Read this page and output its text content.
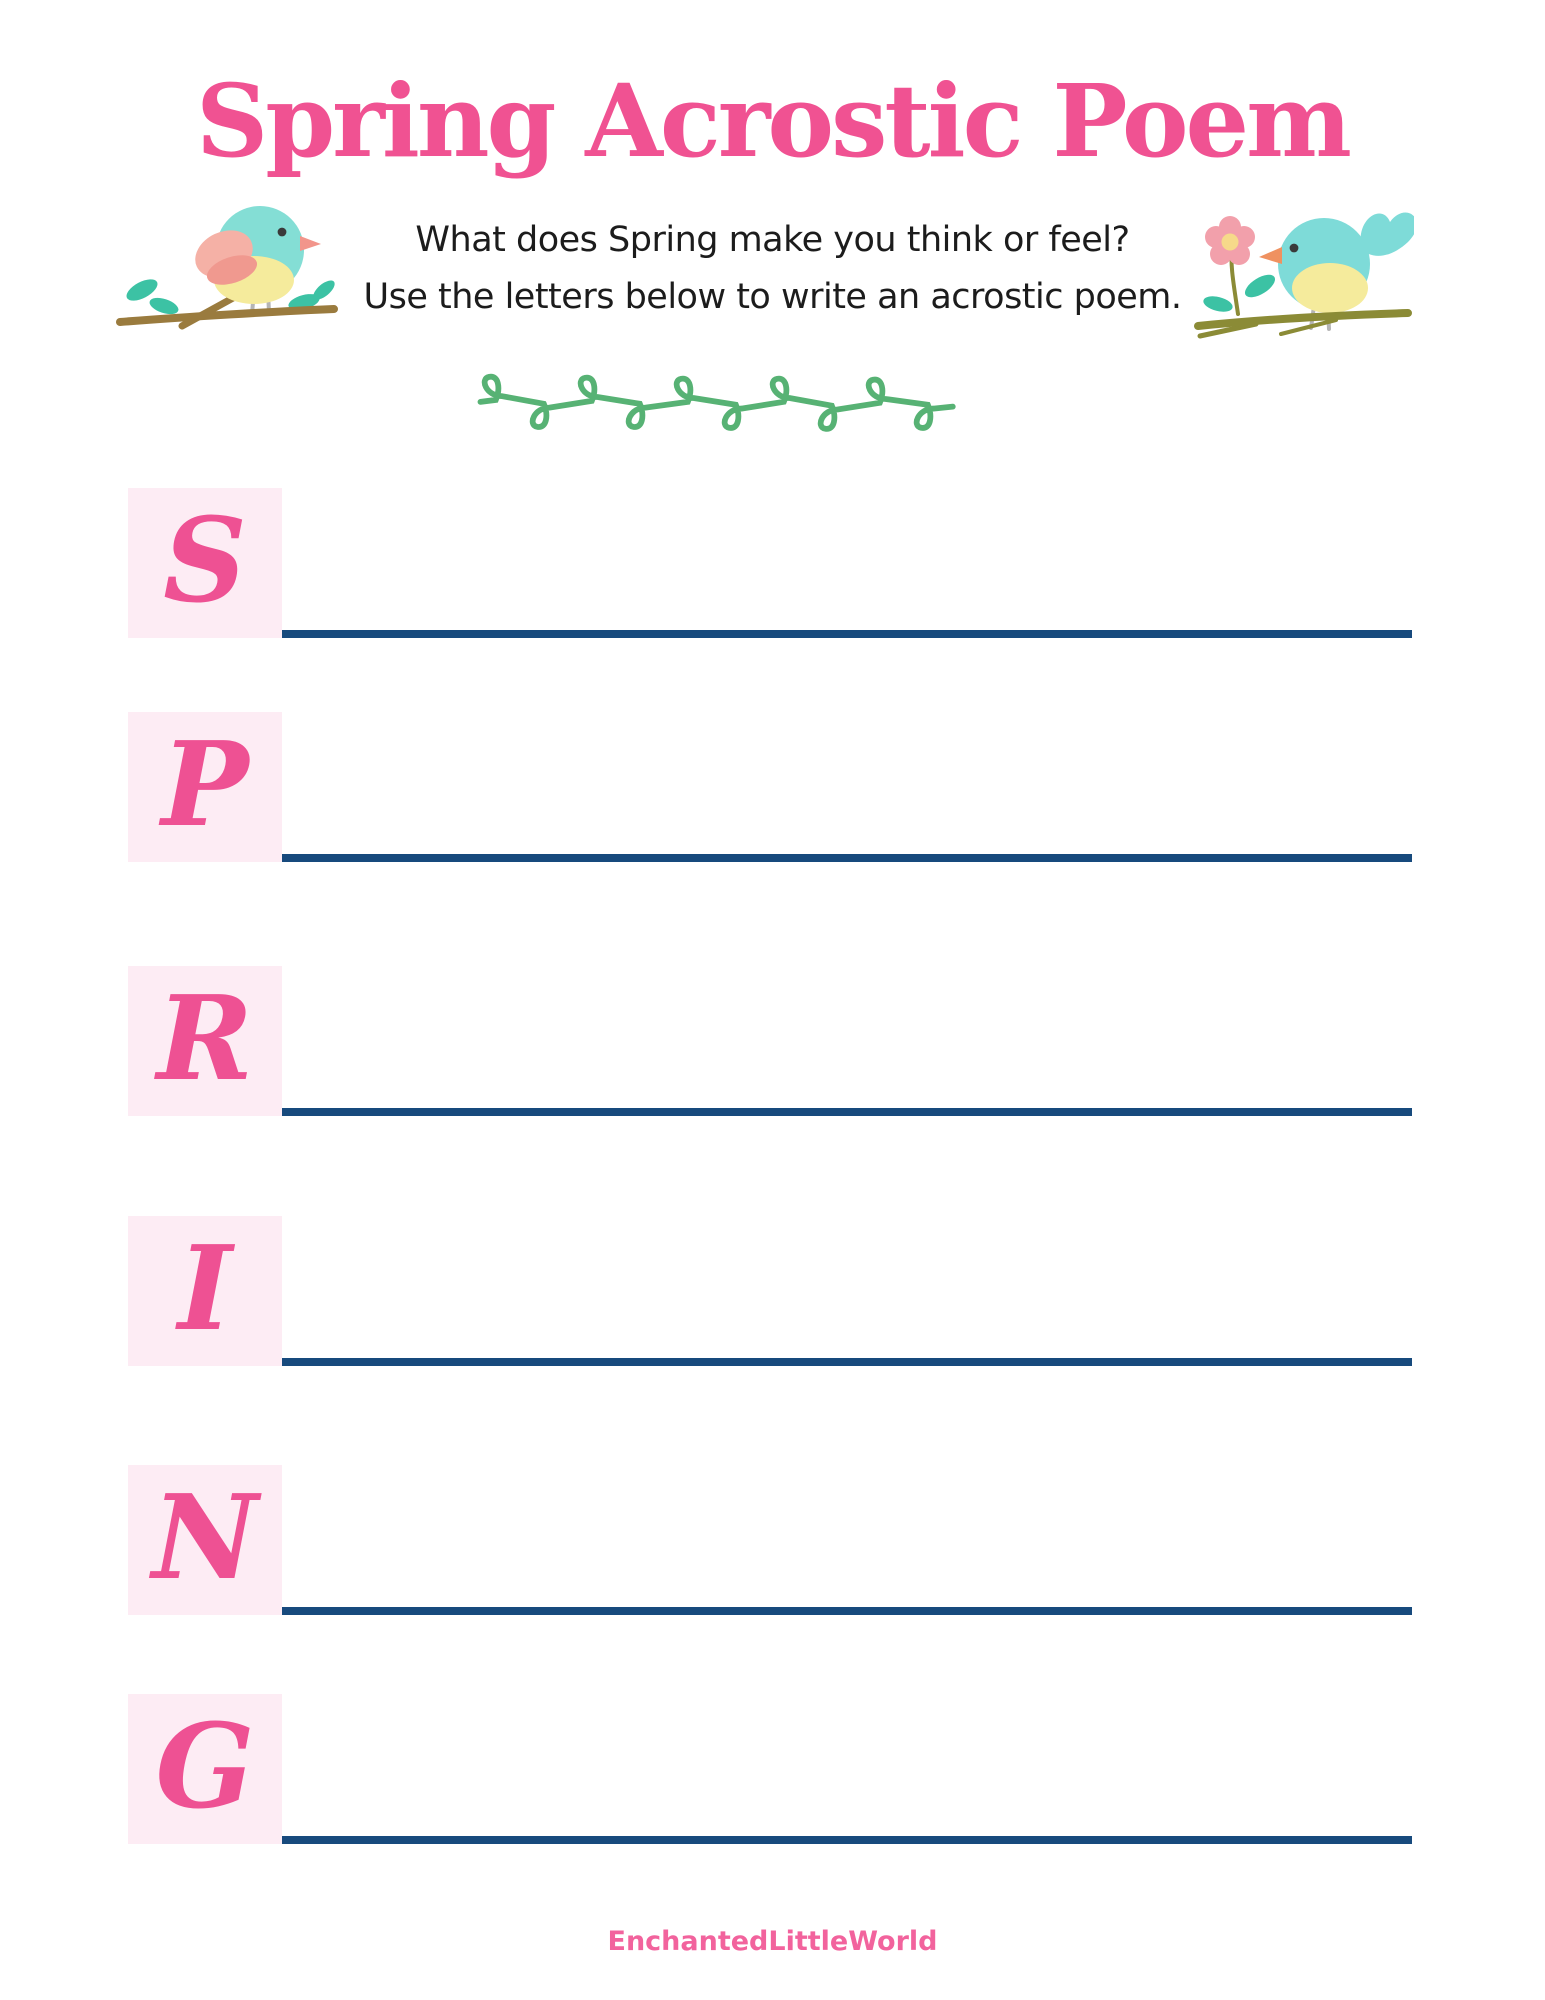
Spring Acrostic Poem
What does Spring make you think or feel?
Use the letters below to write an acrostic poem.
S
P
R
I
N
G
EnchantedLittleWorld
